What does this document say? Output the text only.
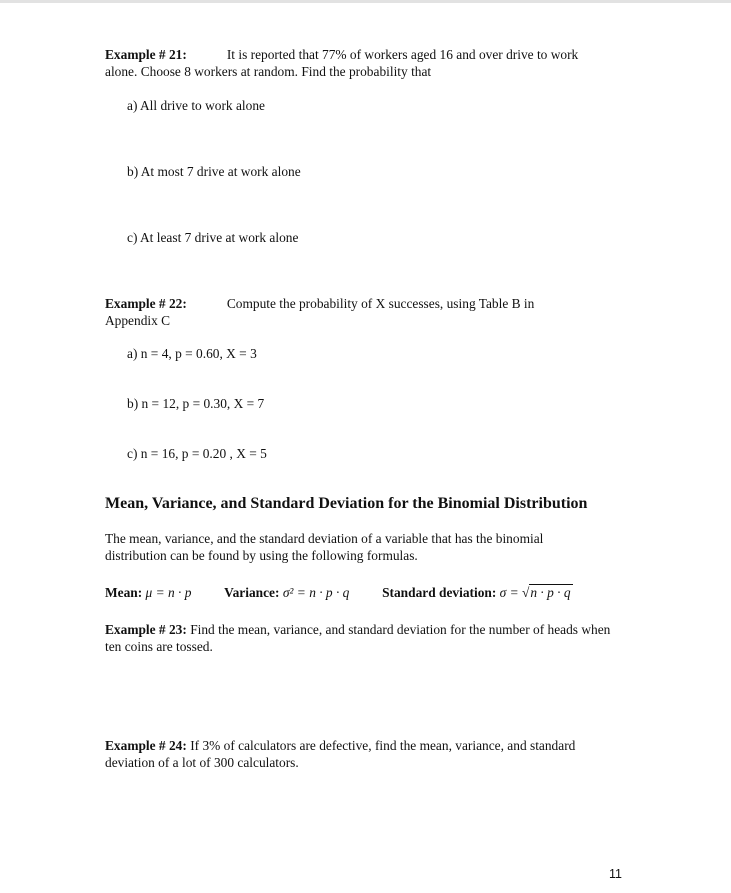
Example # 21:	It is reported that 77% of workers aged 16 and over drive to work
alone. Choose 8 workers at random. Find the probability that
a) All drive to work alone
b) At most 7 drive at work alone
c) At least 7 drive at work alone
Example # 22:	Compute the probability of X successes, using Table B in
Appendix C
a) n = 4, p = 0.60, X = 3
b) n = 12, p = 0.30, X = 7
c) n = 16, p = 0.20 , X = 5
Mean, Variance, and Standard Deviation for the Binomial Distribution
The mean, variance, and the standard deviation of a variable that has the binomial distribution can be found by using the following formulas.
Mean: μ = n · p Variance: σ² = n · p · q Standard deviation: σ = √n · p · q
Example # 23: Find the mean, variance, and standard deviation for the number of heads when ten coins are tossed.
Example # 24: If 3% of calculators are defective, find the mean, variance, and standard deviation of a lot of 300 calculators.
11
